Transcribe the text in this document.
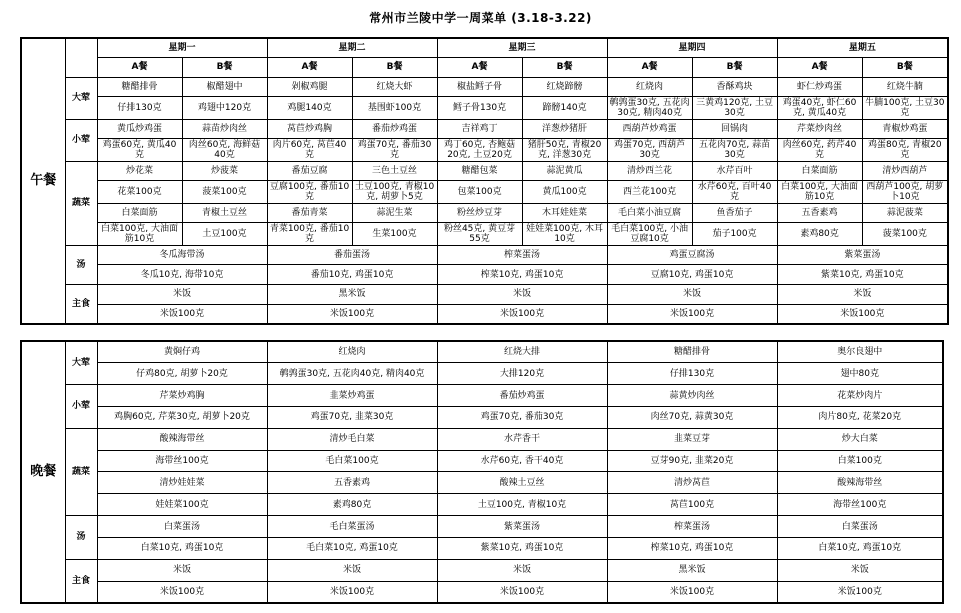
常州市兰陵中学一周菜单 (3.18-3.22)
午餐		星期一		星期二		星期三		星期四		星期五	
		A餐	B餐	A餐	B餐	A餐	B餐	A餐	B餐	A餐	B餐
	大荤	糖醋排骨	椒醋翅中	剁椒鸡腿	红烧大虾	椒盐鳕子骨	红烧蹄髈	红烧肉	香酥鸡块	虾仁炒鸡蛋	红烧牛腩
		仔排130克	鸡翅中120克	鸡腿140克	基围虾100克	鳕子骨130克	蹄髈140克	鹌鹑蛋30克, 五花肉30克, 精肉40克	三黄鸡120克, 土豆30克	鸡蛋40克, 虾仁60克, 黄瓜40克	牛腩100克, 土豆30克
	小荤	黄瓜炒鸡蛋	蒜苗炒肉丝	莴苣炒鸡胸	番茄炒鸡蛋	吉祥鸡丁	洋葱炒猪肝	西葫芦炒鸡蛋	回锅肉	芹菜炒肉丝	青椒炒鸡蛋
		鸡蛋60克, 黄瓜40克	肉丝60克, 海鲜菇40克	肉片60克, 莴苣40克	鸡蛋70克, 番茄30克	鸡丁60克, 杏鲍菇20克, 土豆20克	猪肝50克, 青椒20克, 洋葱30克	鸡蛋70克, 西葫芦30克	五花肉70克, 蒜苗30克	肉丝60克, 药芹40克	鸡蛋80克, 青椒20克
	蔬菜	炒花菜	炒菠菜	番茄豆腐	三色土豆丝	糖醋包菜	蒜泥黄瓜	清炒西兰花	水芹百叶	白菜面筋	清炒西葫芦
		花菜100克	菠菜100克	豆腐100克, 番茄10克	土豆100克, 青椒10克, 胡萝卜5克	包菜100克	黄瓜100克	西兰花100克	水芹60克, 百叶40克	白菜100克, 大油面筋10克	西葫芦100克, 胡萝卜10克
		白菜面筋	青椒土豆丝	番茄青菜	蒜泥生菜	粉丝炒豆芽	木耳娃娃菜	毛白菜小油豆腐	鱼香茄子	五香素鸡	蒜泥菠菜
		白菜100克, 大油面筋10克	土豆100克	青菜100克, 番茄10克	生菜100克	粉丝45克, 黄豆芽55克	娃娃菜100克, 木耳10克	毛白菜100克, 小油豆腐10克	茄子100克	素鸡80克	菠菜100克
	汤	冬瓜海带汤		番茄蛋汤		榨菜蛋汤		鸡蛋豆腐汤		紫菜蛋汤	
		冬瓜10克, 海带10克		番茄10克, 鸡蛋10克		榨菜10克, 鸡蛋10克		豆腐10克, 鸡蛋10克		紫菜10克, 鸡蛋10克	
	主食	米饭		黑米饭		米饭		米饭		米饭	
		米饭100克		米饭100克		米饭100克		米饭100克		米饭100克	
晚餐	大荤	黄焖仔鸡	红烧肉	红烧大排	糖醋排骨	奥尔良翅中
		仔鸡80克, 胡萝卜20克	鹌鹑蛋30克, 五花肉40克, 精肉40克	大排120克	仔排130克	翅中80克
	小荤	芹菜炒鸡胸	韭菜炒鸡蛋	番茄炒鸡蛋	蒜黄炒肉丝	花菜炒肉片
		鸡胸60克, 芹菜30克, 胡萝卜20克	鸡蛋70克, 韭菜30克	鸡蛋70克, 番茄30克	肉丝70克, 蒜黄30克	肉片80克, 花菜20克
	蔬菜	酸辣海带丝	清炒毛白菜	水芹香干	韭菜豆芽	炒大白菜
		海带丝100克	毛白菜100克	水芹60克, 香干40克	豆芽90克, 韭菜20克	白菜100克
		清炒娃娃菜	五香素鸡	酸辣土豆丝	清炒莴苣	酸辣海带丝
		娃娃菜100克	素鸡80克	土豆100克, 青椒10克	莴苣100克	海带丝100克
	汤	白菜蛋汤	毛白菜蛋汤	紫菜蛋汤	榨菜蛋汤	白菜蛋汤
		白菜10克, 鸡蛋10克	毛白菜10克, 鸡蛋10克	紫菜10克, 鸡蛋10克	榨菜10克, 鸡蛋10克	白菜10克, 鸡蛋10克
	主食	米饭	米饭	米饭	黑米饭	米饭
		米饭100克	米饭100克	米饭100克	米饭100克	米饭100克
